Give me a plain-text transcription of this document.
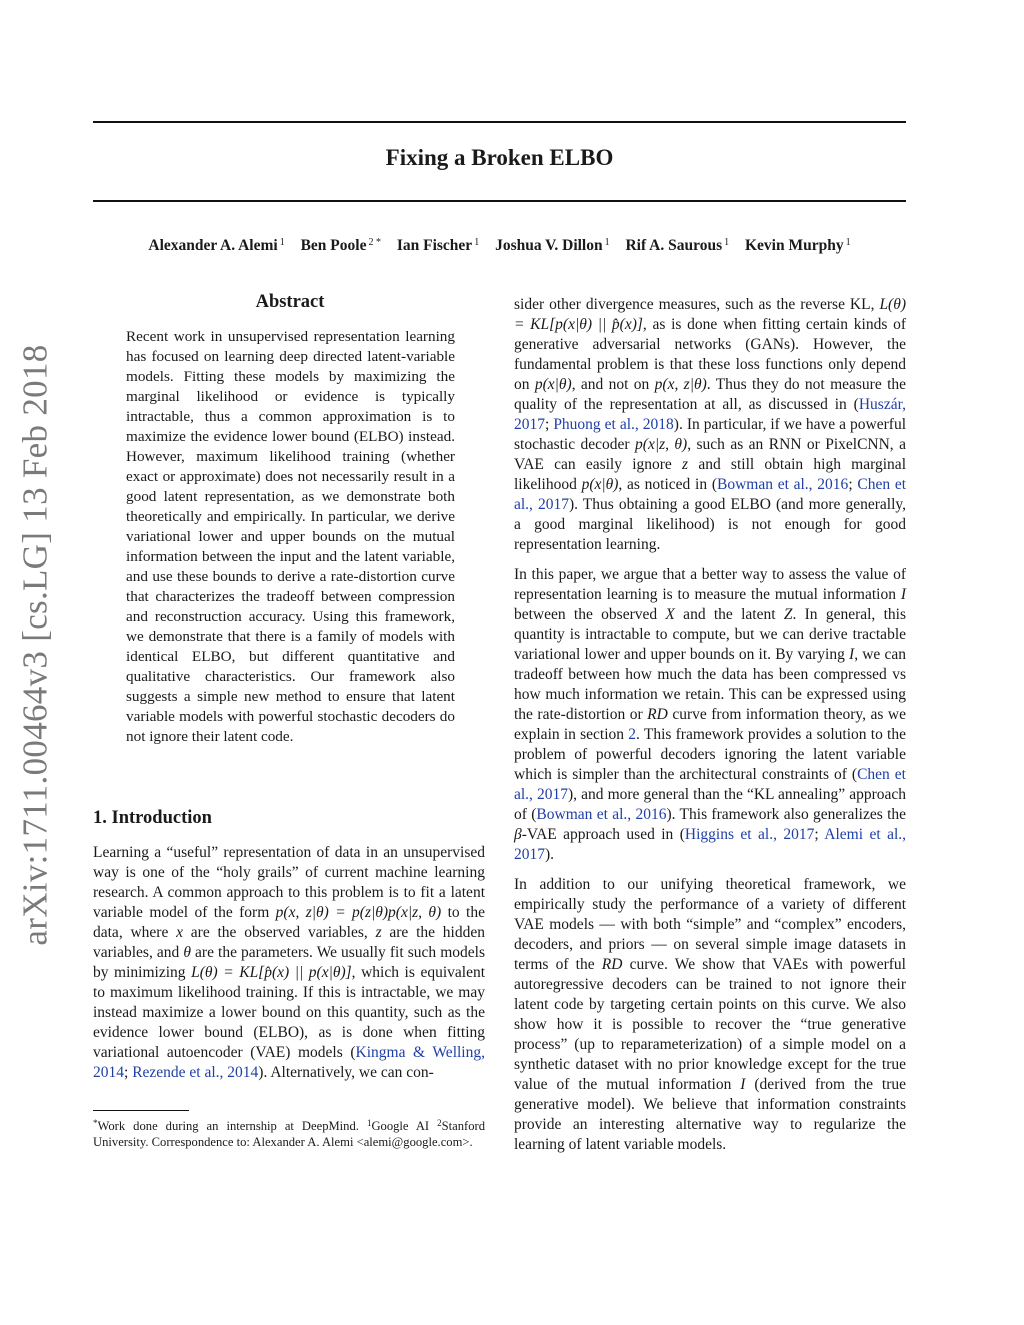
arXiv:1711.00464v3 [cs.LG] 13 Feb 2018
Fixing a Broken ELBO
Alexander A. Alemi $^1$ Ben Poole $^{2 *}$ Ian Fischer $^1$ Joshua V. Dillon $^1$ Rif A. Saurous $^1$ Kevin Murphy $^1$
Abstract
Recent work in unsupervised representation learning has focused on learning deep directed latent-variable models. Fitting these models by maximizing the marginal likelihood or evidence is typically intractable, thus a common approximation is to maximize the evidence lower bound (ELBO) instead. However, maximum likelihood training (whether exact or approximate) does not necessarily result in a good latent representation, as we demonstrate both theoretically and empirically. In particular, we derive variational lower and upper bounds on the mutual information between the input and the latent variable, and use these bounds to derive a rate-distortion curve that characterizes the tradeoff between compression and reconstruction accuracy. Using this framework, we demonstrate that there is a family of models with identical ELBO, but different quantitative and qualitative characteristics. Our framework also suggests a simple new method to ensure that latent variable models with powerful stochastic decoders do not ignore their latent code.
1. Introduction

Learning a “useful” representation of data in an unsupervised way is one of the “holy grails” of current machine learning research. A common approach to this problem is to fit a latent variable model of the form p(x, z|θ) = p(z|θ)p(x|z, θ) to the data, where x are the observed variables, z are the hidden variables, and θ are the parameters. We usually fit such models by minimizing L(θ) = KL[p̂(x) || p(x|θ)], which is equivalent to maximum likelihood training. If this is intractable, we may instead maximize a lower bound on this quantity, such as the evidence lower bound (ELBO), as is done when fitting variational autoencoder (VAE) models (Kingma & Welling, 2014; Rezende et al., 2014). Alternatively, we can con-

sider other divergence measures, such as the reverse KL, L(θ) = KL[p(x|θ) || p̂(x)], as is done when fitting certain kinds of generative adversarial networks (GANs). However, the fundamental problem is that these loss functions only depend on p(x|θ), and not on p(x, z|θ). Thus they do not measure the quality of the representation at all, as discussed in (Huszár, 2017; Phuong et al., 2018). In particular, if we have a powerful stochastic decoder p(x|z, θ), such as an RNN or PixelCNN, a VAE can easily ignore z and still obtain high marginal likelihood p(x|θ), as noticed in (Bowman et al., 2016; Chen et al., 2017). Thus obtaining a good ELBO (and more generally, a good marginal likelihood) is not enough for good representation learning.

In this paper, we argue that a better way to assess the value of representation learning is to measure the mutual information I between the observed X and the latent Z. In general, this quantity is intractable to compute, but we can derive tractable variational lower and upper bounds on it. By varying I, we can tradeoff between how much the data has been compressed vs how much information we retain. This can be expressed using the rate-distortion or RD curve from information theory, as we explain in section 2. This framework provides a solution to the problem of powerful decoders ignoring the latent variable which is simpler than the architectural constraints of (Chen et al., 2017), and more general than the “KL annealing” approach of (Bowman et al., 2016). This framework also generalizes the β-VAE approach used in (Higgins et al., 2017; Alemi et al., 2017).

In addition to our unifying theoretical framework, we empirically study the performance of a variety of different VAE models — with both “simple” and “complex” encoders, decoders, and priors — on several simple image datasets in terms of the RD curve. We show that VAEs with powerful autoregressive decoders can be trained to not ignore their latent code by targeting certain points on this curve. We also show how it is possible to recover the “true generative process” (up to reparameterization) of a simple model on a synthetic dataset with no prior knowledge except for the true value of the mutual information I (derived from the true generative model). We believe that information constraints provide an interesting alternative way to regularize the learning of latent variable models.

*Work done during an internship at DeepMind. $^1$Google AI $^2$Stanford University. Correspondence to: Alexander A. Alemi <alemi@google.com>.
